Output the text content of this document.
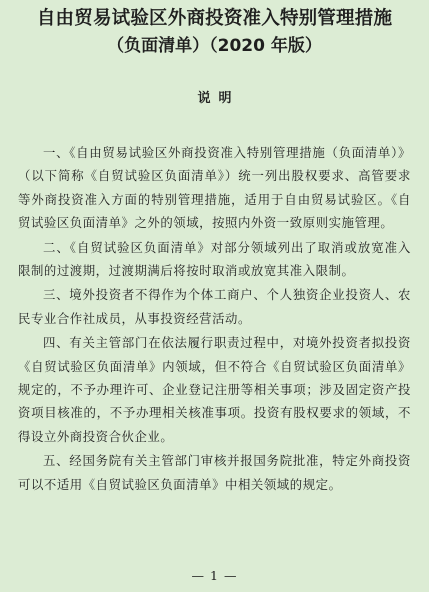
自由贸易试验区外商投资准入特别管理措施
（负面清单）（2020 年版）
说明

一、《自由贸易试验区外商投资准入特别管理措施（负面清单）》（以下简称《自贸试验区负面清单》）统一列出股权要求、高管要求等外商投资准入方面的特别管理措施，适用于自由贸易试验区。《自贸试验区负面清单》之外的领域，按照内外资一致原则实施管理。

二、《自贸试验区负面清单》对部分领域列出了取消或放宽准入限制的过渡期，过渡期满后将按时取消或放宽其准入限制。

三、境外投资者不得作为个体工商户、个人独资企业投资人、农民专业合作社成员，从事投资经营活动。

四、有关主管部门在依法履行职责过程中，对境外投资者拟投资《自贸试验区负面清单》内领域，但不符合《自贸试验区负面清单》规定的，不予办理许可、企业登记注册等相关事项；涉及固定资产投资项目核准的，不予办理相关核准事项。投资有股权要求的领域，不得设立外商投资合伙企业。

五、经国务院有关主管部门审核并报国务院批准，特定外商投资可以不适用《自贸试验区负面清单》中相关领域的规定。

— 1 —
